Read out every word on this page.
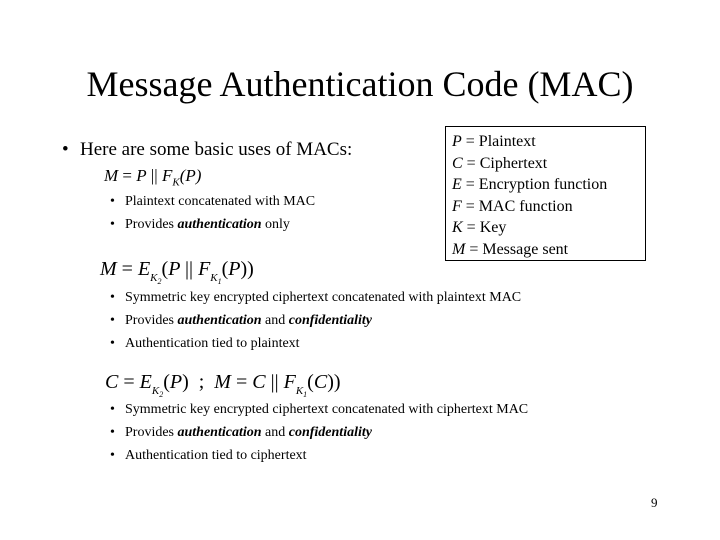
Message Authentication Code (MAC)
• Here are some basic uses of MACs:
M = P || $F_K(P)$
• Plaintext concatenated with MAC
• Provides authentication only
P = Plaintext
C = Ciphertext
E = Encryption function
F = MAC function
K = Key
M = Message sent
$M = E_{K_2}(P$ || $F_{K_1}(P)$)
• Symmetric key encrypted ciphertext concatenated with plaintext MAC
• Provides authentication and confidentiality
• Authentication tied to plaintext
$C = E_{K_2}(P)$  ;  M = C || $F_{K_1}(C)$)
• Symmetric key encrypted ciphertext concatenated with ciphertext MAC
• Provides authentication and confidentiality
• Authentication tied to ciphertext
9
